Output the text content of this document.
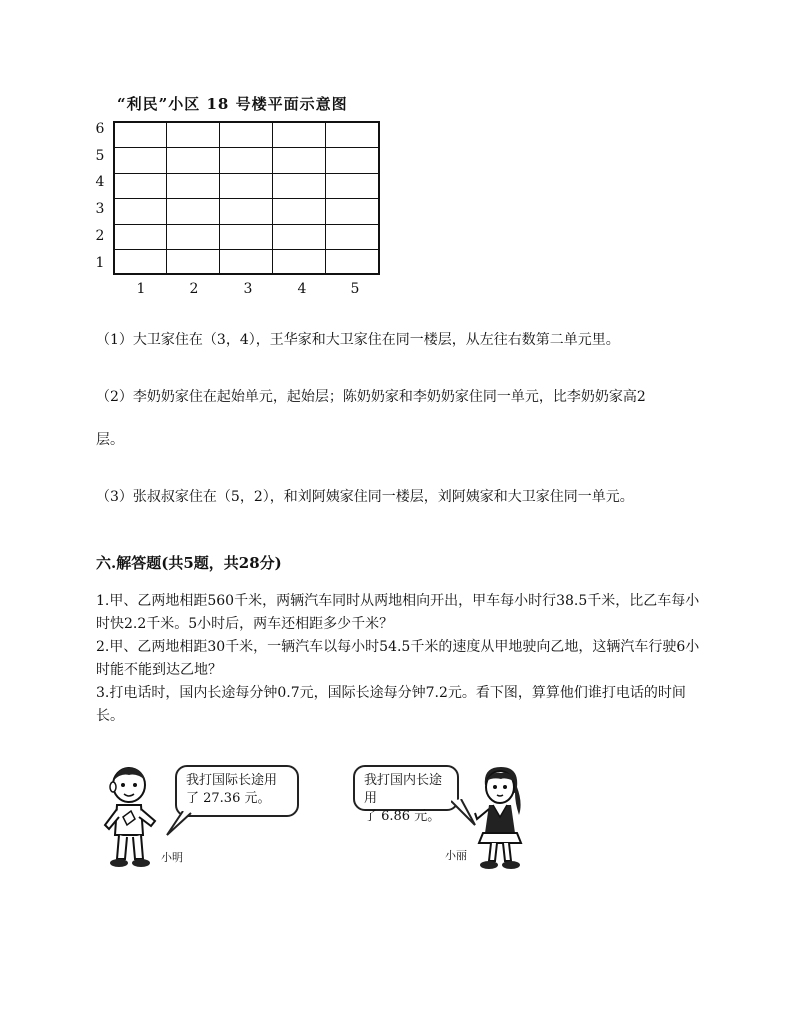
“利民”小区 18 号楼平面示意图
6
5
4
3
2
1
1	2	3	4	5
（1）大卫家住在（3，4），王华家和大卫家住在同一楼层，从左往右数第二单元里。
（2）李奶奶家住在起始单元，起始层；陈奶奶家和李奶奶家住同一单元，比李奶奶家高2
层。
（3）张叔叔家住在（5，2），和刘阿姨家住同一楼层，刘阿姨家和大卫家住同一单元。
六.解答题(共5题，共28分)
1.甲、乙两地相距560千米，两辆汽车同时从两地相向开出，甲车每小时行38.5千米，比乙车每小时快2.2千米。5小时后，两车还相距多少千米？
2.甲、乙两地相距30千米，一辆汽车以每小时54.5千米的速度从甲地驶向乙地，这辆汽车行驶6小时能不能到达乙地？
3.打电话时，国内长途每分钟0.7元，国际长途每分钟7.2元。看下图，算算他们谁打电话的时间长。
我打国际长途用
了 27.36 元。
小明
我打国内长途用
了 6.86 元。
小丽
